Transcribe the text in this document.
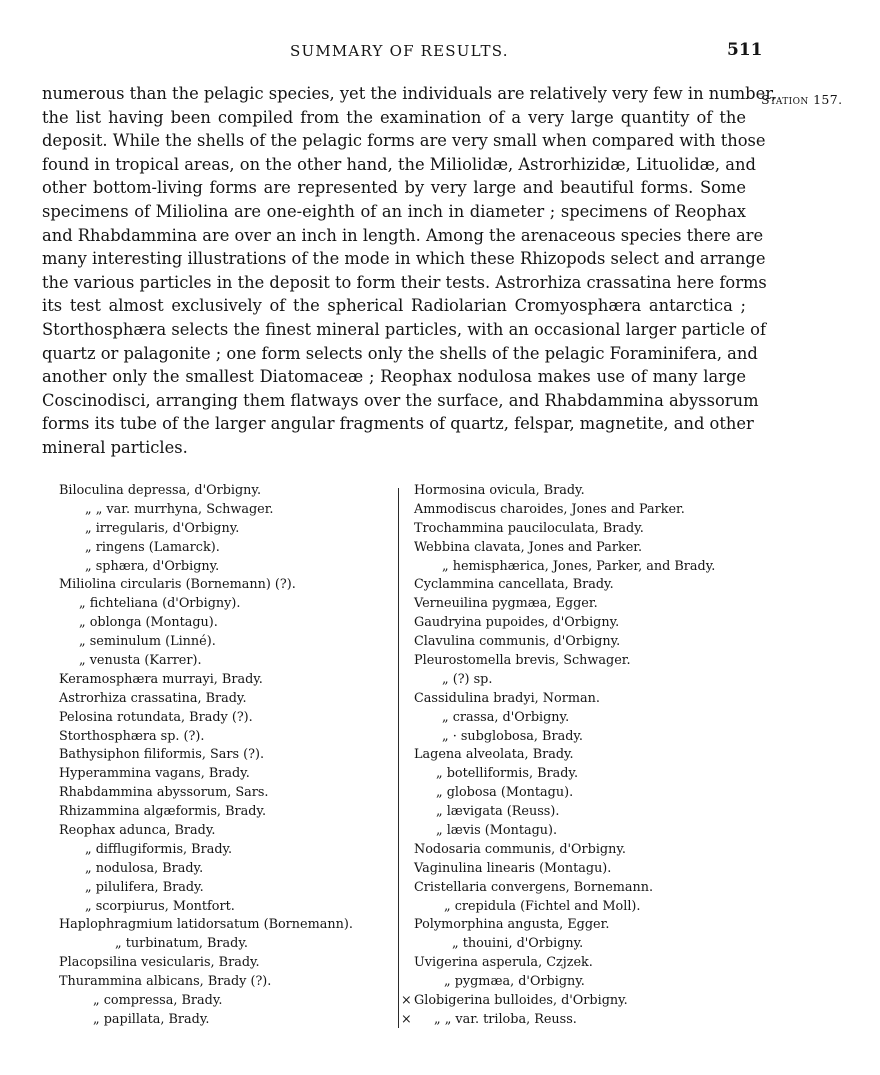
SUMMARY OF RESULTS.	511
Station 157.

numerous than the pelagic species, yet the individuals are relatively very few in number,
the list having been compiled from the examination of a very large quantity of the
deposit. While the shells of the pelagic forms are very small when compared with those
found in tropical areas, on the other hand, the Miliolidæ, Astrorhizidæ, Lituolidæ, and
other bottom-living forms are represented by very large and beautiful forms. Some
specimens of Miliolina are one-eighth of an inch in diameter ; specimens of Reophax
and Rhabdammina are over an inch in length. Among the arenaceous species there are
many interesting illustrations of the mode in which these Rhizopods select and arrange
the various particles in the deposit to form their tests. Astrorhiza crassatina here forms
its test almost exclusively of the spherical Radiolarian Cromyosphæra antarctica ;
Storthosphæra selects the finest mineral particles, with an occasional larger particle of
quartz or palagonite ; one form selects only the shells of the pelagic Foraminifera, and
another only the smallest Diatomaceæ ; Reophax nodulosa makes use of many large
Coscinodisci, arranging them flatways over the surface, and Rhabdammina abyssorum
forms its tube of the larger angular fragments of quartz, felspar, magnetite, and other
mineral particles.

Biloculina depressa, d'Orbigny.
„ „ var. murrhyna, Schwager.
„ irregularis, d'Orbigny.
„ ringens (Lamarck).
„ sphæra, d'Orbigny.
Miliolina circularis (Bornemann) (?).
„ fichteliana (d'Orbigny).
„ oblonga (Montagu).
„ seminulum (Linné).
„ venusta (Karrer).
Keramosphæra murrayi, Brady.
Astrorhiza crassatina, Brady.
Pelosina rotundata, Brady (?).
Storthosphæra sp. (?).
Bathysiphon filiformis, Sars (?).
Hyperammina vagans, Brady.
Rhabdammina abyssorum, Sars.
Rhizammina algæformis, Brady.
Reophax adunca, Brady.
„ difflugiformis, Brady.
„ nodulosa, Brady.
„ pilulifera, Brady.
„ scorpiurus, Montfort.
Haplophragmium latidorsatum (Bornemann).
„ turbinatum, Brady.
Placopsilina vesicularis, Brady.
Thurammina albicans, Brady (?).
„ compressa, Brady.
„ papillata, Brady.
Hormosina ovicula, Brady.
Ammodiscus charoides, Jones and Parker.
Trochammina pauciloculata, Brady.
Webbina clavata, Jones and Parker.
„ hemisphærica, Jones, Parker, and Brady.
Cyclammina cancellata, Brady.
Verneuilina pygmæa, Egger.
Gaudryina pupoides, d'Orbigny.
Clavulina communis, d'Orbigny.
Pleurostomella brevis, Schwager.
„ (?) sp.
Cassidulina bradyi, Norman.
„ crassa, d'Orbigny.
„ · subglobosa, Brady.
Lagena alveolata, Brady.
„ botelliformis, Brady.
„ globosa (Montagu).
„ lævigata (Reuss).
„ lævis (Montagu).
Nodosaria communis, d'Orbigny.
Vaginulina linearis (Montagu).
Cristellaria convergens, Bornemann.
„ crepidula (Fichtel and Moll).
Polymorphina angusta, Egger.
„ thouini, d'Orbigny.
Uvigerina asperula, Czjzek.
„ pygmæa, d'Orbigny.
× Globigerina bulloides, d'Orbigny.
× „ „ var. triloba, Reuss.
